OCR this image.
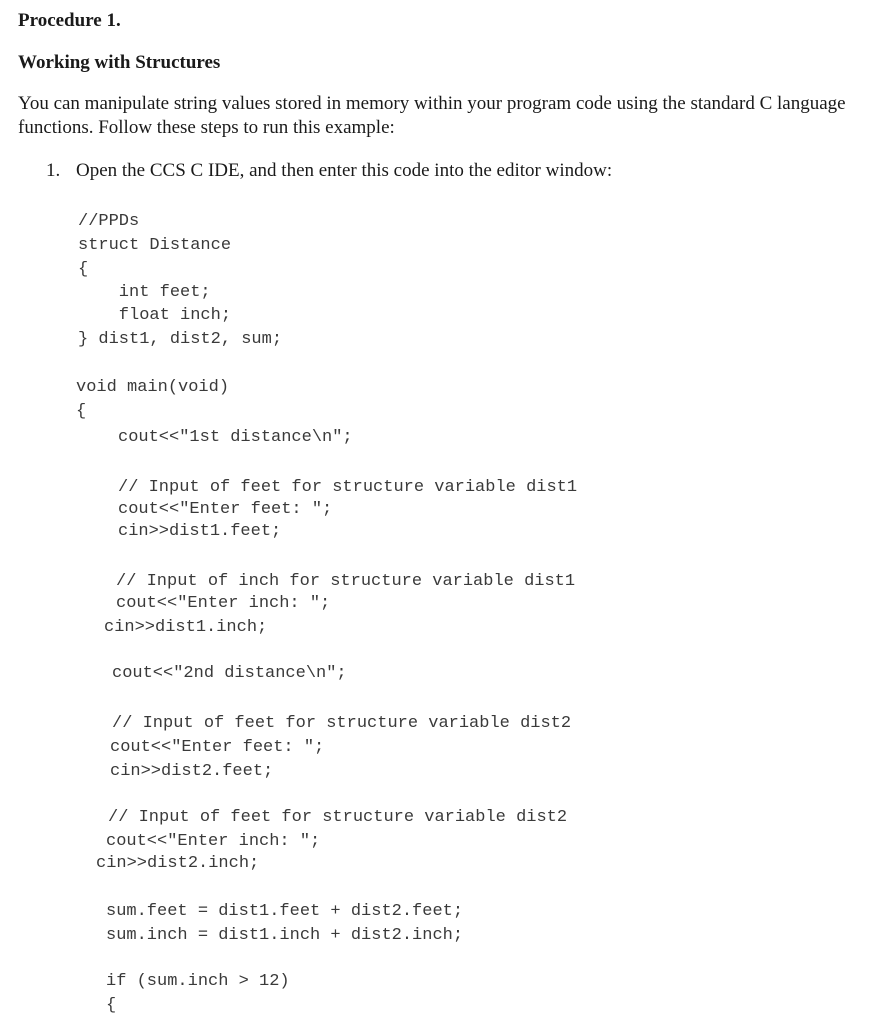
Procedure 1.
Working with Structures
You can manipulate string values stored in memory within your program code using the standard C language functions. Follow these steps to run this example:
1. Open the CCS C IDE, and then enter this code into the editor window:
//PPDs
struct Distance
{
int feet;
float inch;
} dist1, dist2, sum;
void main(void)
{
cout<<"1st distance\n";
// Input of feet for structure variable dist1
cout<<"Enter feet: ";
cin>>dist1.feet;
// Input of inch for structure variable dist1
cout<<"Enter inch: ";
cin>>dist1.inch;
cout<<"2nd distance\n";
// Input of feet for structure variable dist2
cout<<"Enter feet: ";
cin>>dist2.feet;
// Input of feet for structure variable dist2
cout<<"Enter inch: ";
cin>>dist2.inch;
sum.feet = dist1.feet + dist2.feet;
sum.inch = dist1.inch + dist2.inch;
if (sum.inch > 12)
{
